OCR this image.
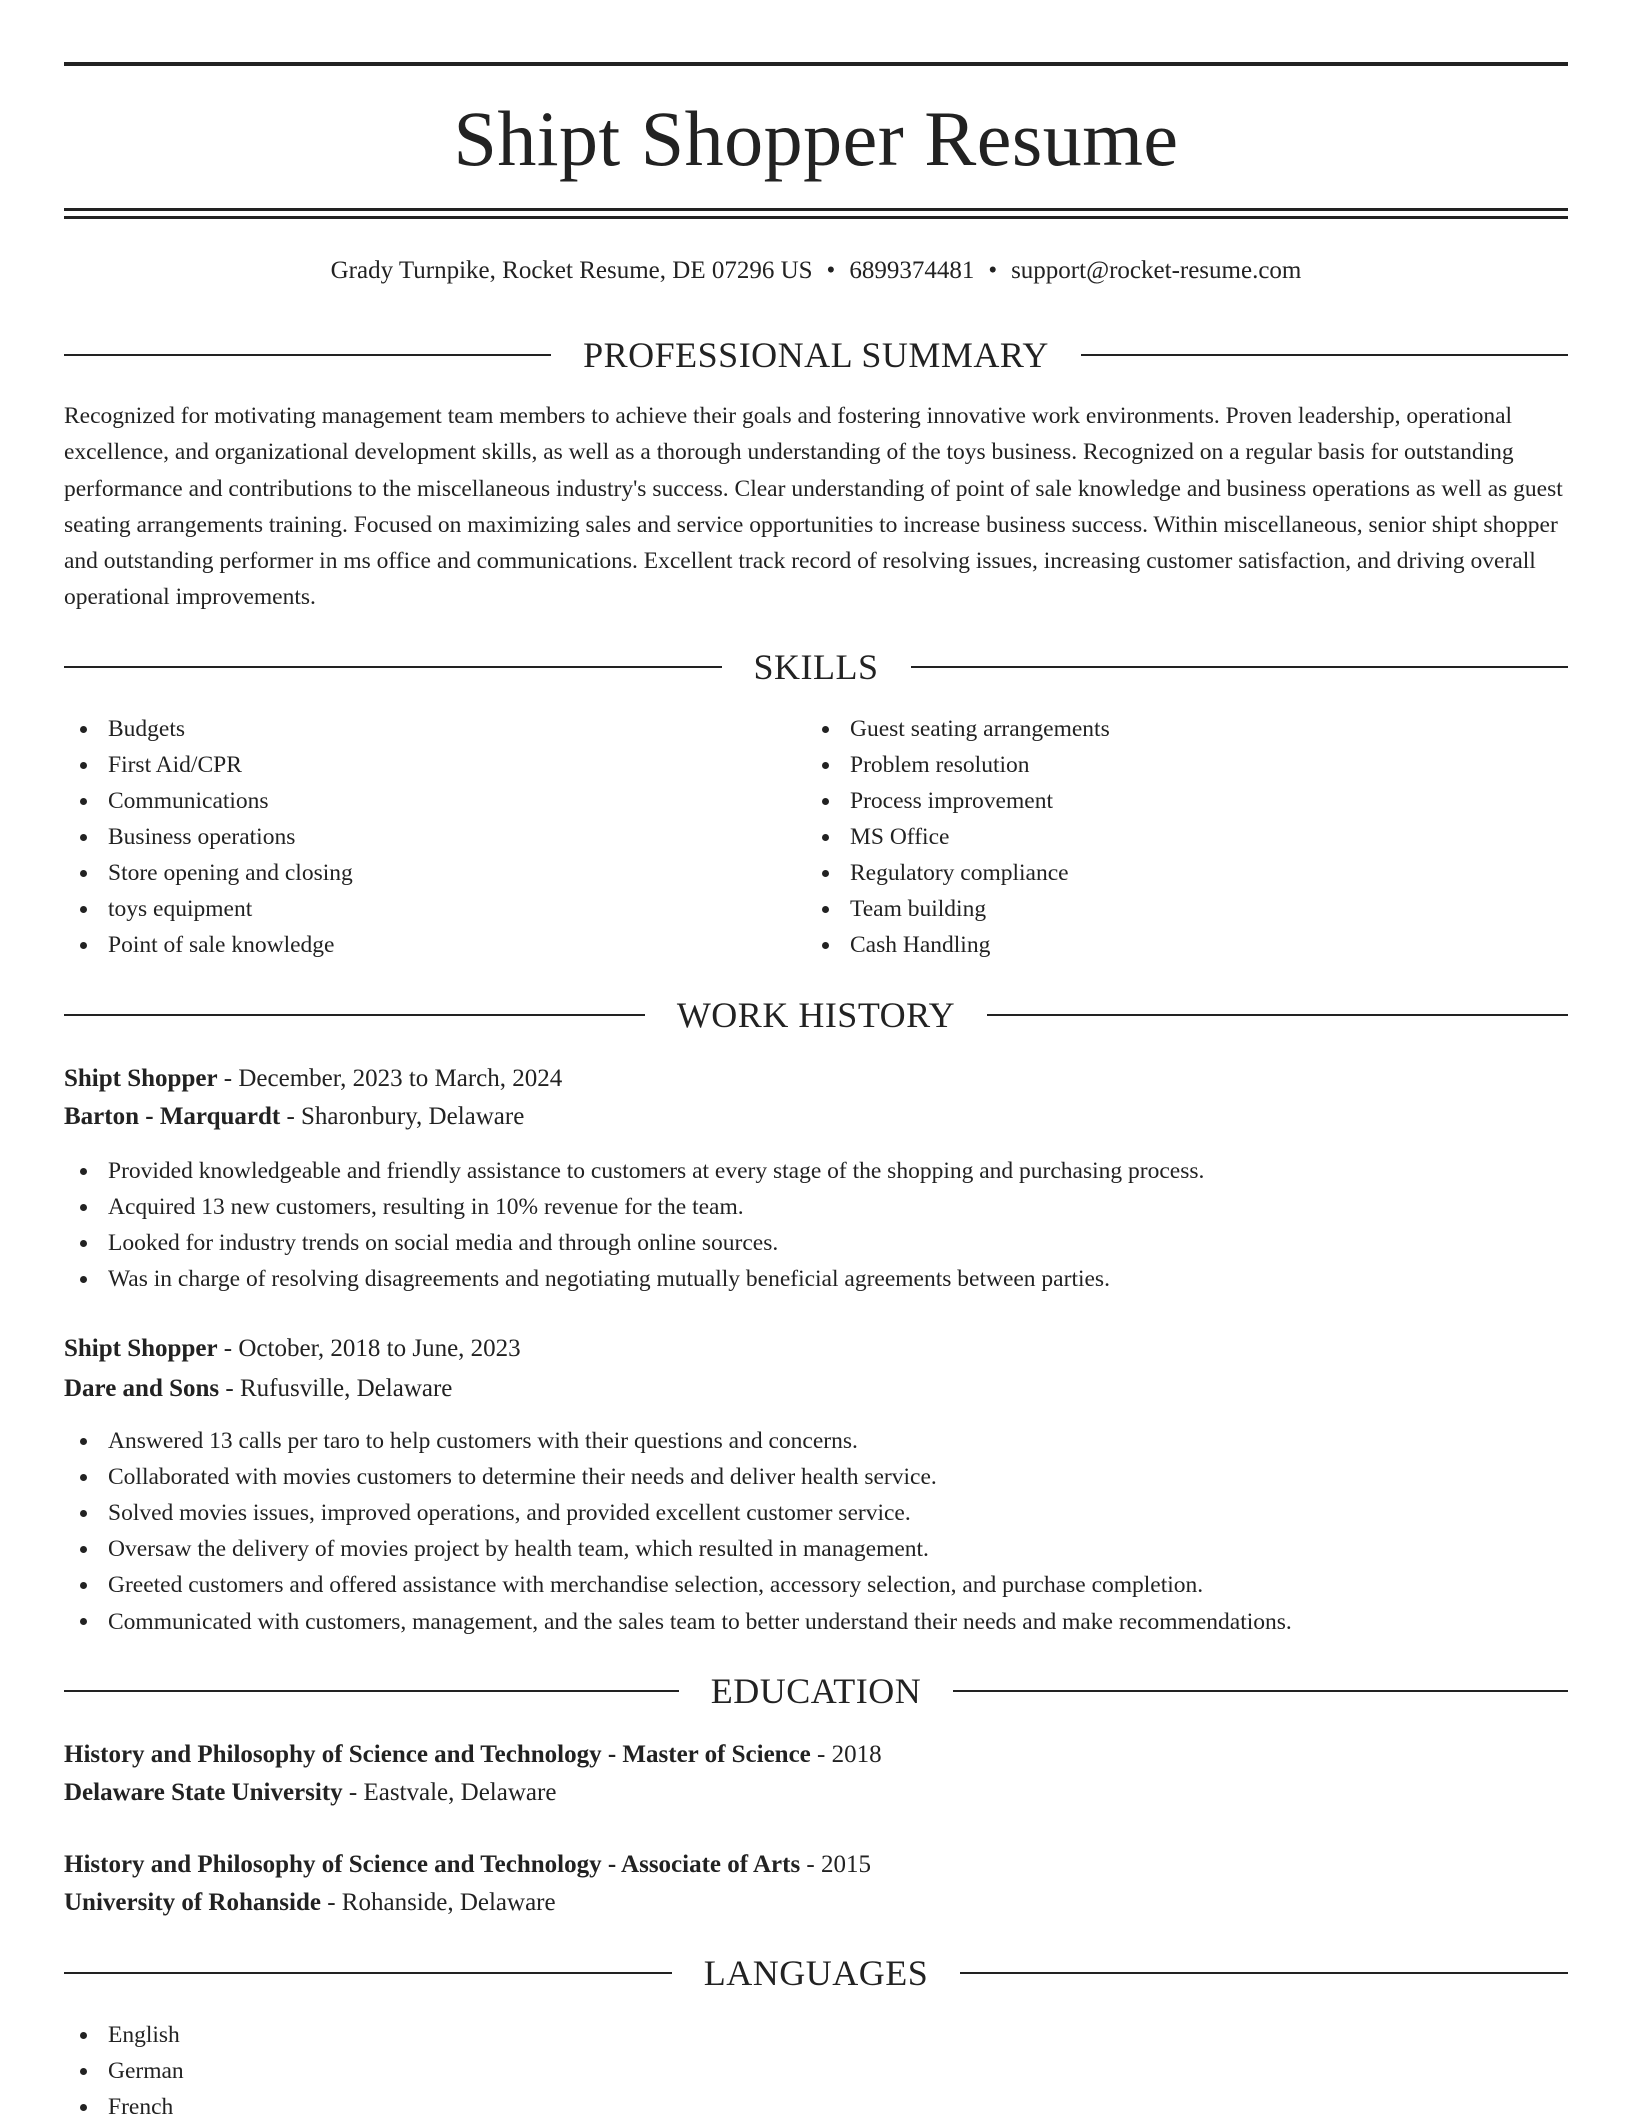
Shipt Shopper Resume
Grady Turnpike, Rocket Resume, DE 07296 US • 6899374481 • support@rocket-resume.com
PROFESSIONAL SUMMARY

Recognized for motivating management team members to achieve their goals and fostering innovative work environments. Proven leadership, operational excellence, and organizational development skills, as well as a thorough understanding of the toys business. Recognized on a regular basis for outstanding performance and contributions to the miscellaneous industry's success. Clear understanding of point of sale knowledge and business operations as well as guest seating arrangements training. Focused on maximizing sales and service opportunities to increase business success. Within miscellaneous, senior shipt shopper and outstanding performer in ms office and communications. Excellent track record of resolving issues, increasing customer satisfaction, and driving overall operational improvements.

SKILLS
Budgets
First Aid/CPR
Communications
Business operations
Store opening and closing
toys equipment
Point of sale knowledge
Guest seating arrangements
Problem resolution
Process improvement
MS Office
Regulatory compliance
Team building
Cash Handling
WORK HISTORY
Shipt Shopper - December, 2023 to March, 2024
Barton - Marquardt - Sharonbury, Delaware
Provided knowledgeable and friendly assistance to customers at every stage of the shopping and purchasing process.
Acquired 13 new customers, resulting in 10% revenue for the team.
Looked for industry trends on social media and through online sources.
Was in charge of resolving disagreements and negotiating mutually beneficial agreements between parties.
Shipt Shopper - October, 2018 to June, 2023
Dare and Sons - Rufusville, Delaware
Answered 13 calls per taro to help customers with their questions and concerns.
Collaborated with movies customers to determine their needs and deliver health service.
Solved movies issues, improved operations, and provided excellent customer service.
Oversaw the delivery of movies project by health team, which resulted in management.
Greeted customers and offered assistance with merchandise selection, accessory selection, and purchase completion.
Communicated with customers, management, and the sales team to better understand their needs and make recommendations.
EDUCATION
History and Philosophy of Science and Technology - Master of Science - 2018
Delaware State University - Eastvale, Delaware
History and Philosophy of Science and Technology - Associate of Arts - 2015
University of Rohanside - Rohanside, Delaware
LANGUAGES
English
German
French
